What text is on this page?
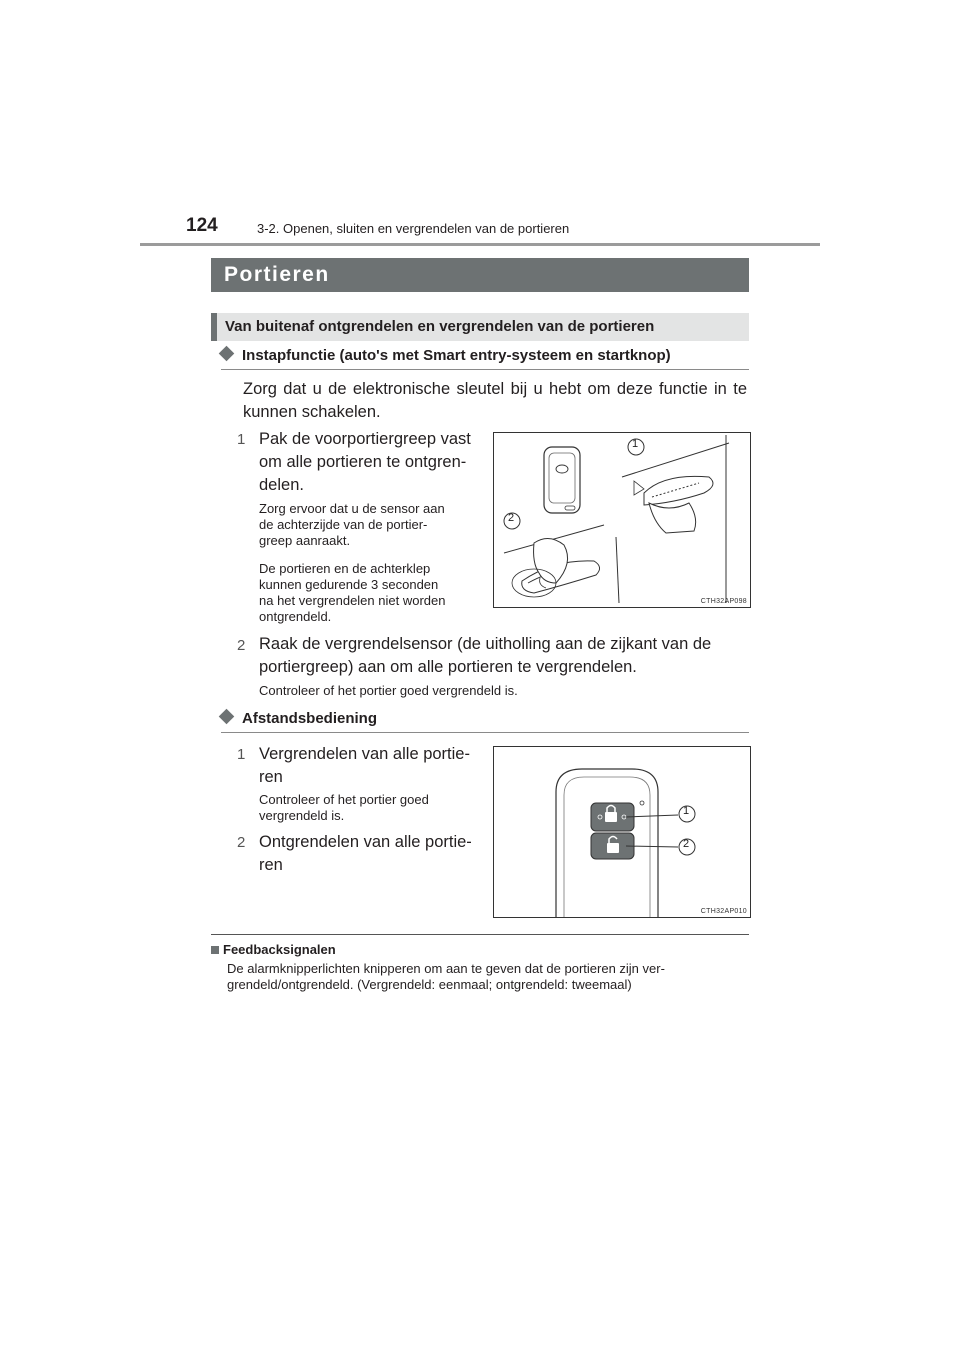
124	3-2. Openen, sluiten en vergrendelen van de portieren
Portieren
Van buitenaf ontgrendelen en vergrendelen van de portieren
Instapfunctie (auto's met Smart entry-systeem en startknop)
Zorg dat u de elektronische sleutel bij u hebt om deze functie in te kunnen schakelen.
1 Pak de voorportiergreep vast
om alle portieren te ontgren-
delen.
Zorg ervoor dat u de sensor aan
de achterzijde van de portier-
greep aanraakt.
De portieren en de achterklep
kunnen gedurende 3 seconden
na het vergrendelen niet worden
ontgrendeld.
1
2
CTH32AP098
2 Raak de vergrendelsensor (de uitholling aan de zijkant van de
portiergreep) aan om alle portieren te vergrendelen.
Controleer of het portier goed vergrendeld is.
Afstandsbediening
1 Vergrendelen van alle portie-
ren
Controleer of het portier goed
vergrendeld is.
2 Ontgrendelen van alle portie-
ren
1
2
CTH32AP010
Feedbacksignalen
De alarmknipperlichten knipperen om aan te geven dat de portieren zijn ver-
grendeld/ontgrendeld. (Vergrendeld: eenmaal; ontgrendeld: tweemaal)
